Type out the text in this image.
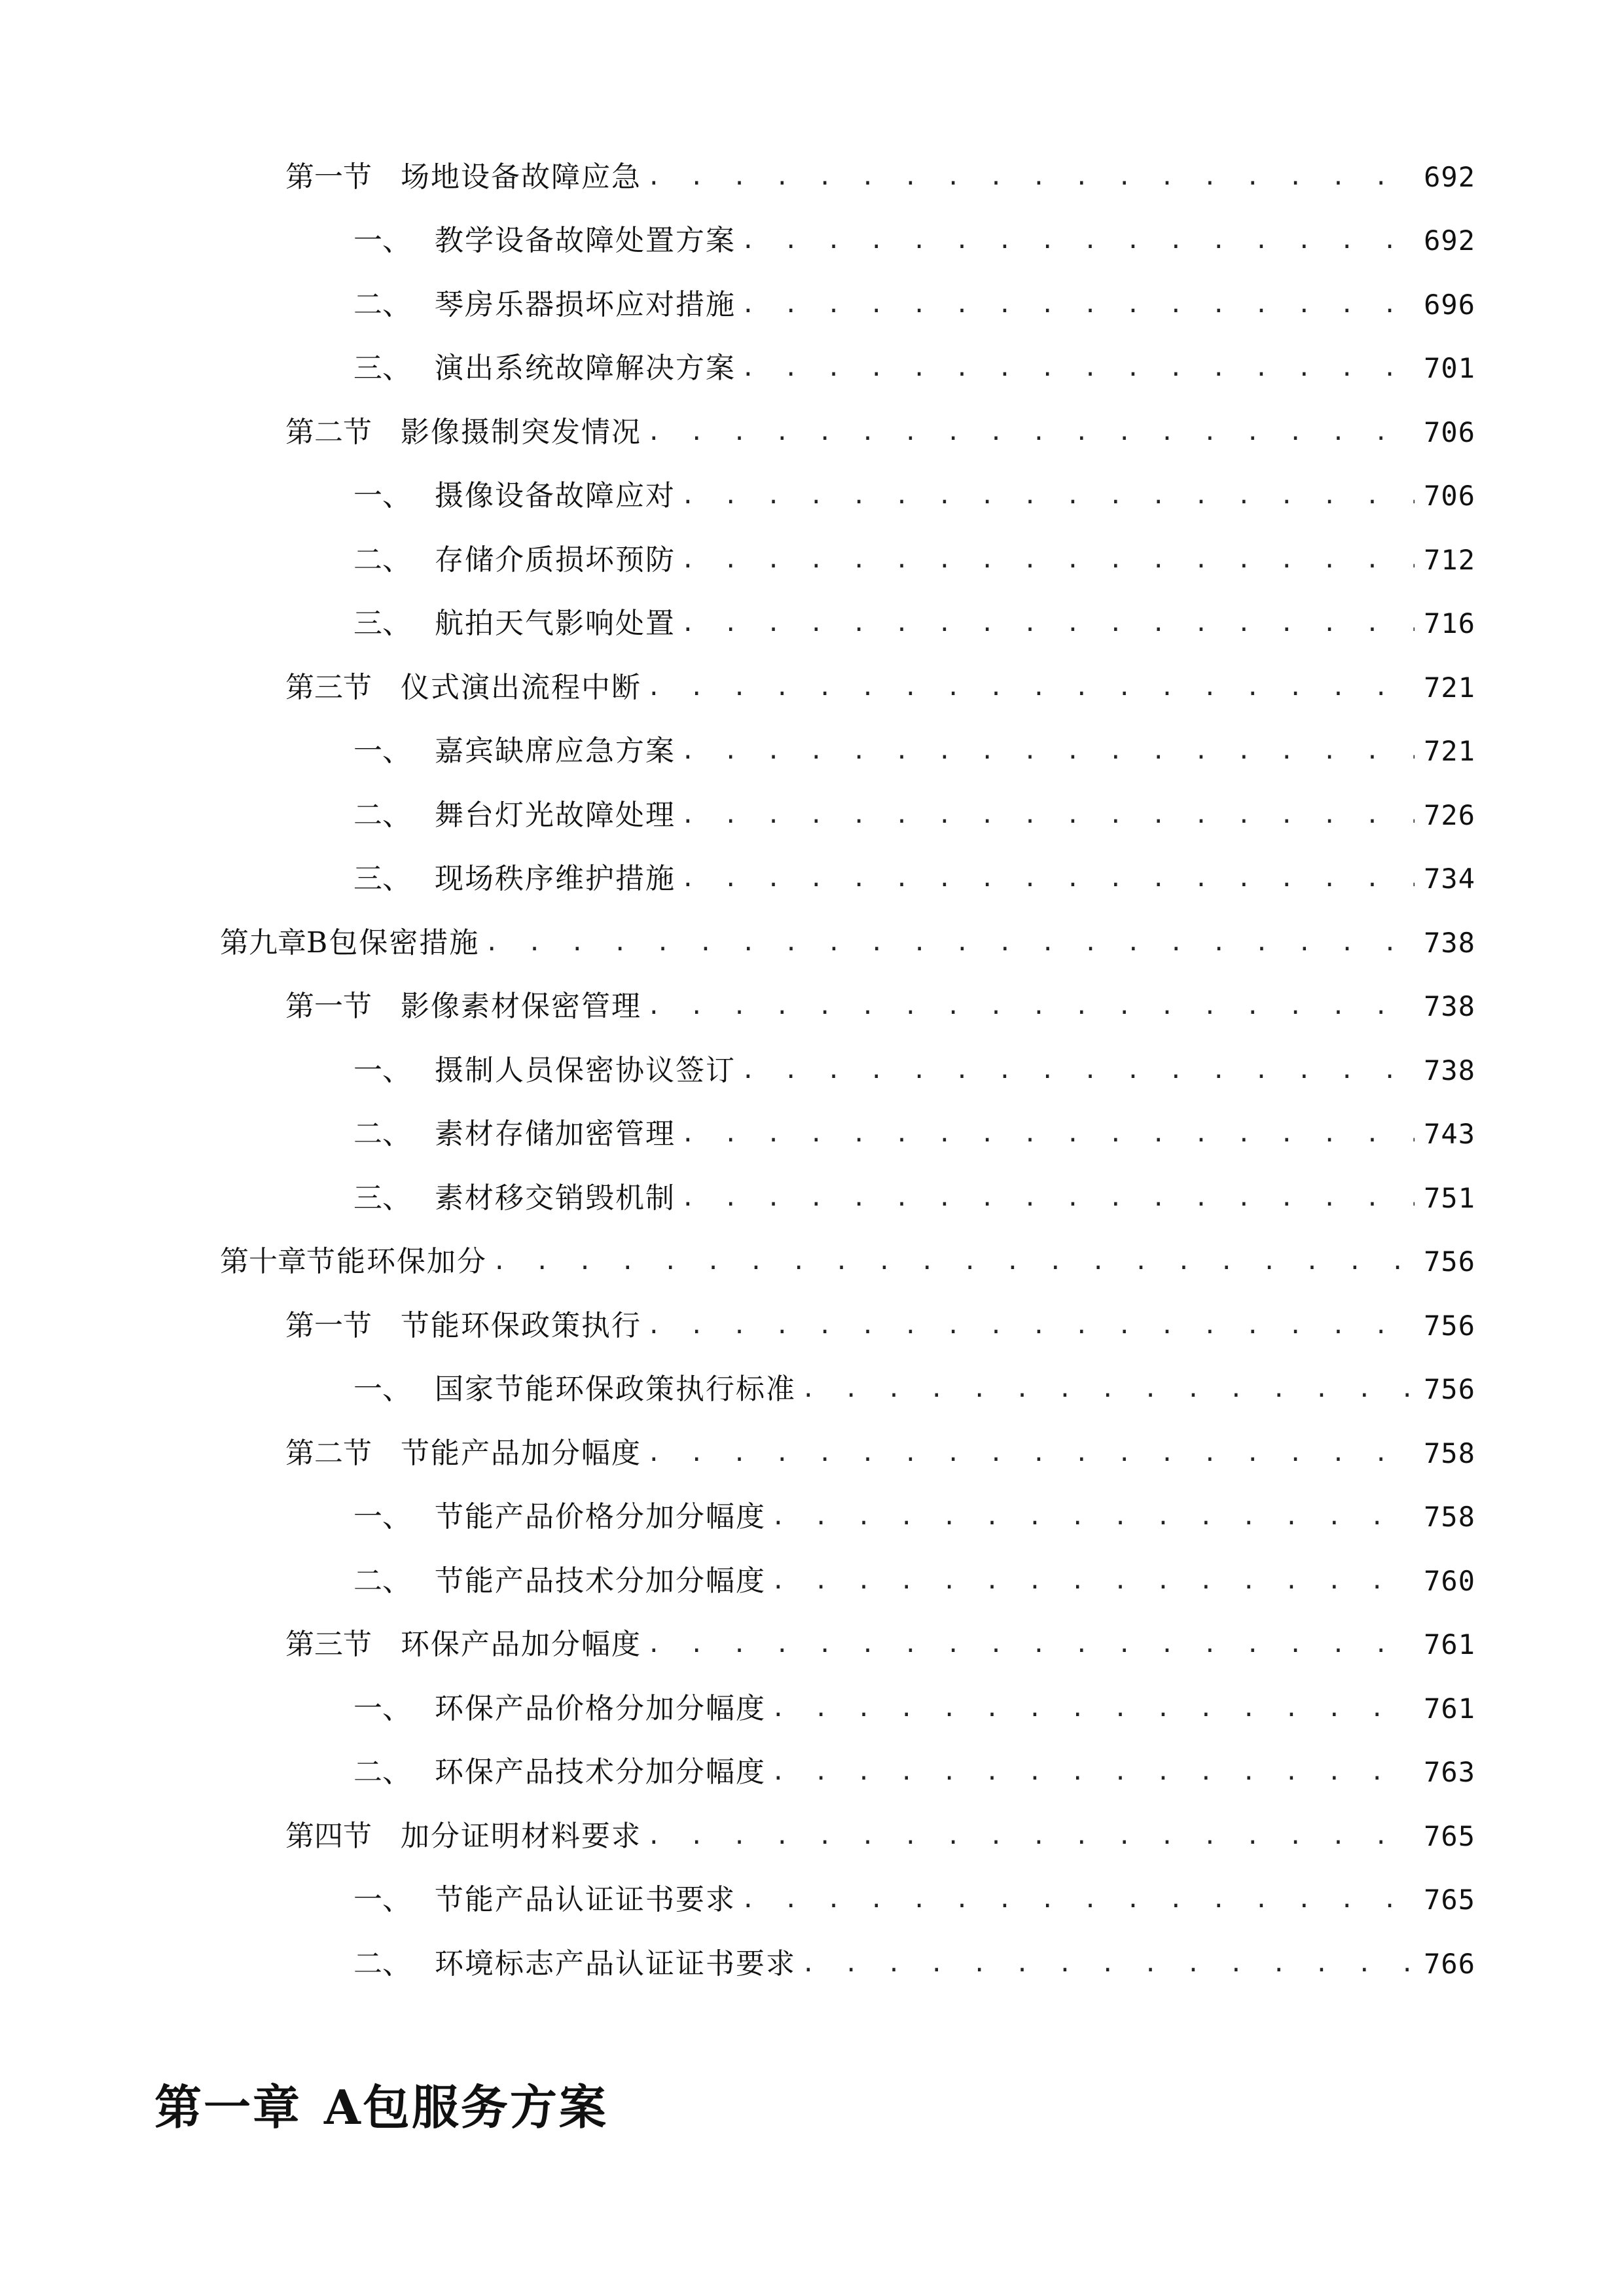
第一节	场地设备故障应急 . . .	692
一、 教学设备故障处置方案 . . .	692
二、 琴房乐器损坏应对措施 . . .	696
三、 演出系统故障解决方案 . . .	701
第二节	影像摄制突发情况 . . .	706
一、 摄像设备故障应对 . . .	706
二、 存储介质损坏预防 . . .	712
三、 航拍天气影响处置 . . .	716
第三节	仪式演出流程中断 . . .	721
一、 嘉宾缺席应急方案 . . .	721
二、 舞台灯光故障处理 . . .	726
三、 现场秩序维护措施 . . .	734
第九章 B包保密措施 . . .	738
第一节	影像素材保密管理 . . .	738
一、 摄制人员保密协议签订 . . .	738
二、 素材存储加密管理 . . .	743
三、 素材移交销毁机制 . . .	751
第十章 节能环保加分 . . .	756
第一节	节能环保政策执行 . . .	756
一、 国家节能环保政策执行标准 . . .	756
第二节	节能产品加分幅度 . . .	758
一、 节能产品价格分加分幅度 . . .	758
二、 节能产品技术分加分幅度 . . .	760
第三节	环保产品加分幅度 . . .	761
一、 环保产品价格分加分幅度 . . .	761
二、 环保产品技术分加分幅度 . . .	763
第四节	加分证明材料要求 . . .	765
一、 节能产品认证证书要求 . . .	765
二、 环境标志产品认证证书要求 . . .	766
第一章 A包服务方案
